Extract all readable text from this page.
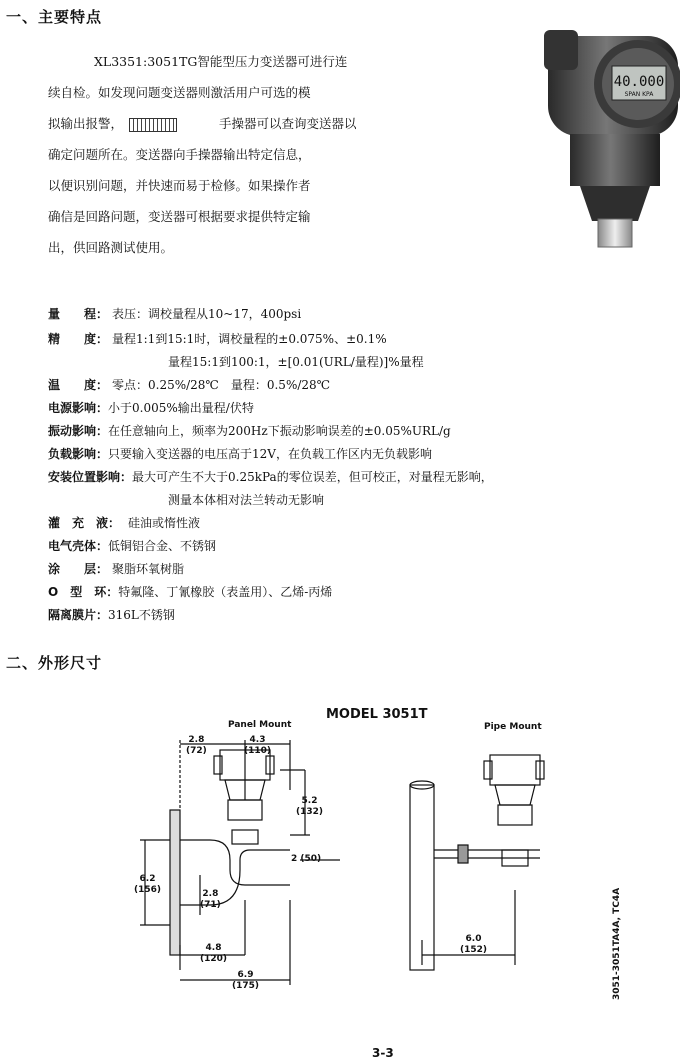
一、主要特点
XL3351:3051TG智能型压力变送器可进行连
续自检。如发现问题变送器则激活用户可选的模
拟输出报警，	手操器可以查询变送器以
确定问题所在。变送器向手操器输出特定信息，
以便识别问题，并快速而易于检修。如果操作者
确信是回路问题，变送器可根据要求提供特定输
出，供回路测试使用。
40.000
SPAN KPA
量　　程： 表压：调校量程从10~17，400psi
精　　度： 量程1:1到15:1时，调校量程的±0.075%、±0.1%
量程15:1到100:1，±[0.01(URL/量程)]%量程
温　　度： 零点：0.25%/28℃　量程：0.5%/28℃
电源影响：小于0.005%输出量程/伏特
振动影响：在任意轴向上，频率为200Hz下振动影响误差的±0.05%URL/g
负载影响：只要输入变送器的电压高于12V，在负载工作区内无负载影响
安装位置影响：最大可产生不大于0.25kPa的零位误差，但可校正，对量程无影响，
测量本体相对法兰转动无影响
灌　充　液： 硅油或惰性液
电气壳体：低铜铝合金、不锈钢
涂　　层： 聚脂环氧树脂
O　型　环：特氟隆、丁氰橡胶（表盖用）、乙烯-丙烯
隔离膜片：316L不锈钢
二、外形尺寸
MODEL 3051T
Panel Mount	Pipe Mount
2.8
(72)
4.3
(110)
5.2
(132)
2 (50)
6.2
(156)	2.8
(71)
4.8
(120)
6.9
(175)
6.0
(152)	3051-3051TA4A, TC4A
3-3
